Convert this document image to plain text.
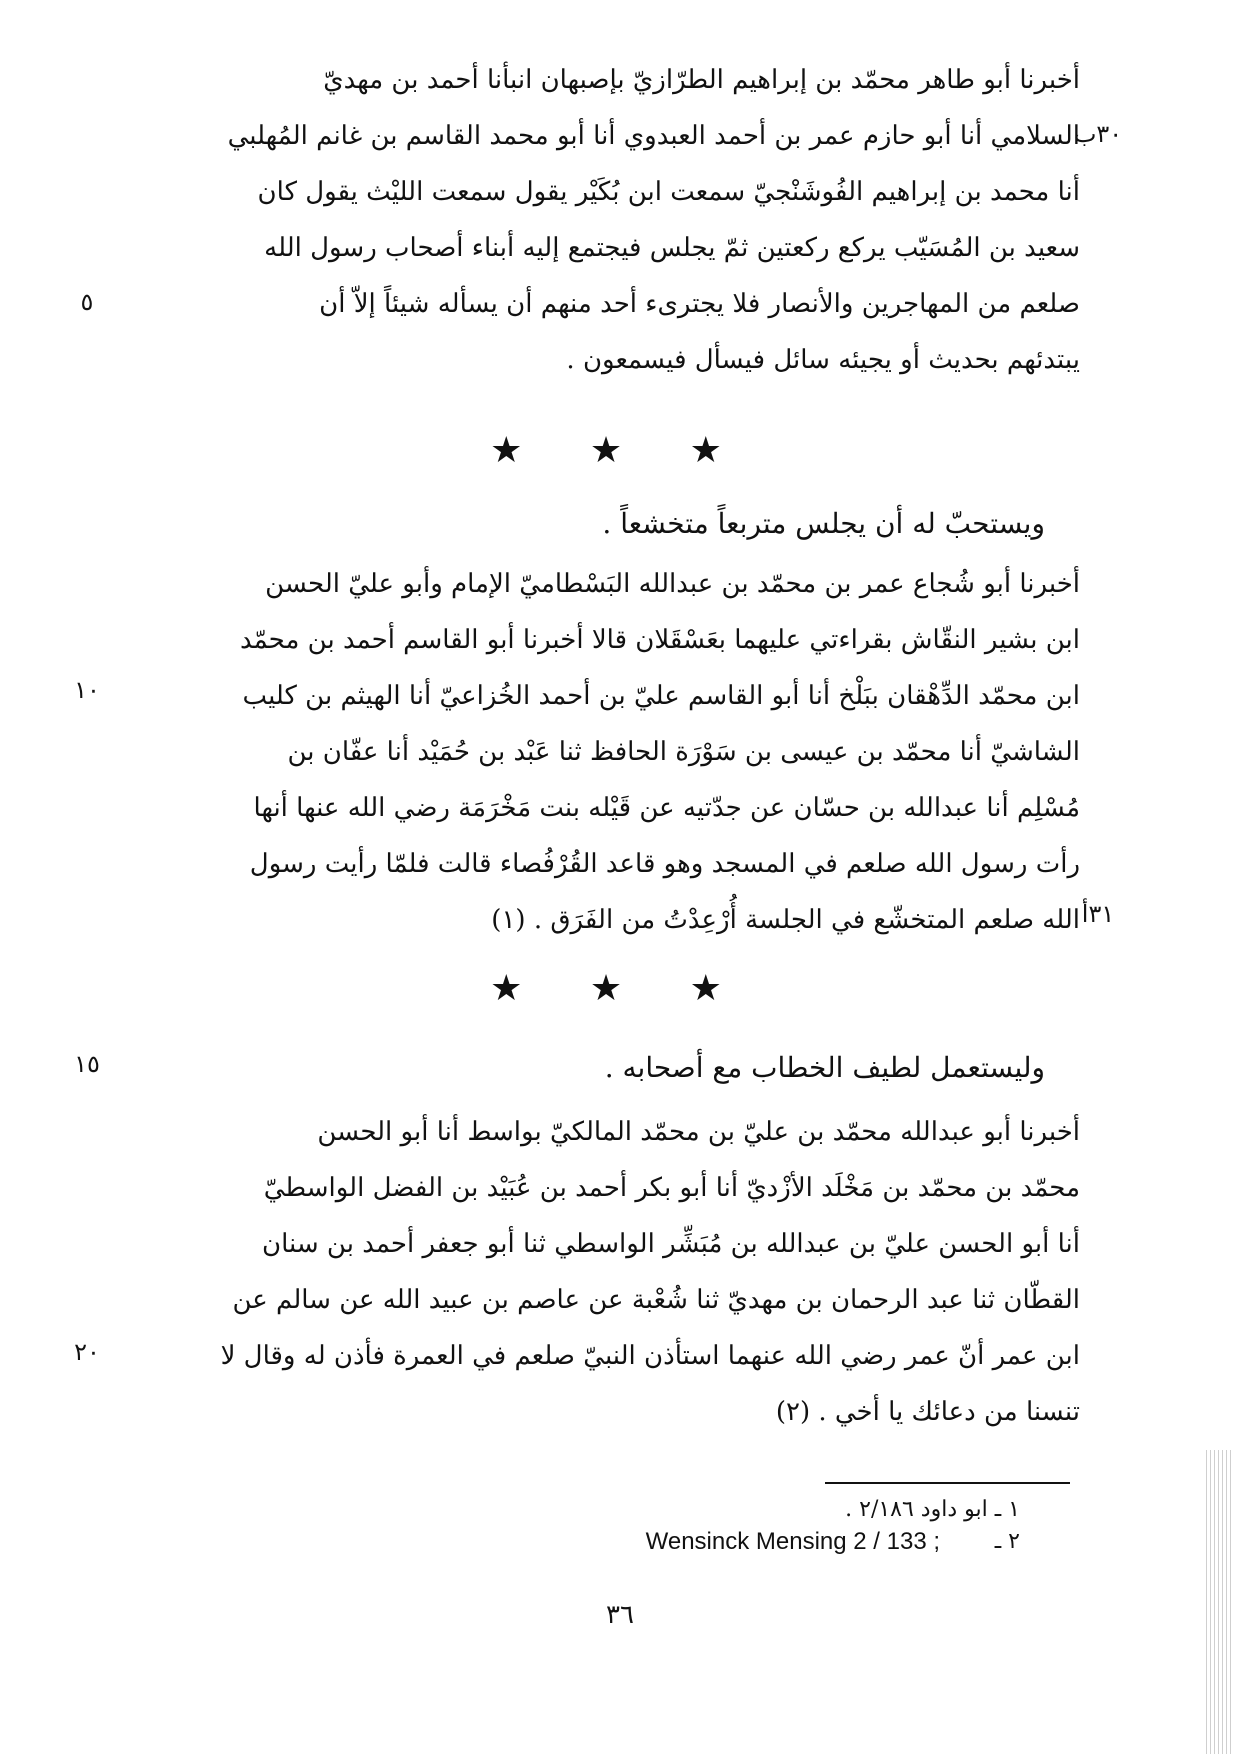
أخبرنا أبو طاهر محمّد بن إبراهيم الطرّازيّ بإصبهان انبأنا أحمد بن مهديّ

السلامي أنا أبو حازم عمر بن أحمد العبدوي أنا أبو محمد القاسم بن غانم المُهلبي

أنا محمد بن إبراهيم الفُوشَنْجيّ سمعت ابن بُكَيْر يقول سمعت الليْث يقول كان

سعيد بن المُسَيّب يركع ركعتين ثمّ يجلس فيجتمع إليه أبناء أصحاب رسول الله

صلعم من المهاجرين والأنصار فلا يجترىء أحد منهم أن يسأله شيئاً إلاّ أن

يبتدئهم بحديث أو يجيئه سائل فيسأل فيسمعون .

★ ★ ★
ويستحبّ له أن يجلس متربعاً متخشعاً .

أخبرنا أبو شُجاع عمر بن محمّد بن عبدالله البَسْطاميّ الإمام وأبو عليّ الحسن

ابن بشير النقّاش بقراءتي عليهما بعَسْقَلان قالا أخبرنا أبو القاسم أحمد بن محمّد

ابن محمّد الدِّهْقان ببَلْخ أنا أبو القاسم عليّ بن أحمد الخُزاعيّ أنا الهيثم بن كليب

الشاشيّ أنا محمّد بن عيسى بن سَوْرَة الحافظ ثنا عَبْد بن حُمَيْد أنا عفّان بن

مُسْلِم أنا عبدالله بن حسّان عن جدّتيه عن قَيْله بنت مَخْرَمَة رضي الله عنها أنها

رأت رسول الله صلعم في المسجد وهو قاعد القُرْفُصاء قالت فلمّا رأيت رسول

الله صلعم المتخشّع في الجلسة أُرْعِدْتُ من الفَرَق . (١)

★ ★ ★
وليستعمل لطيف الخطاب مع أصحابه .

أخبرنا أبو عبدالله محمّد بن عليّ بن محمّد المالكيّ بواسط أنا أبو الحسن

محمّد بن محمّد بن مَخْلَد الأزْديّ أنا أبو بكر أحمد بن عُبَيْد بن الفضل الواسطيّ

أنا أبو الحسن عليّ بن عبدالله بن مُبَشِّر الواسطي ثنا أبو جعفر أحمد بن سنان

القطّان ثنا عبد الرحمان بن مهديّ ثنا شُعْبة عن عاصم بن عبيد الله عن سالم عن

ابن عمر أنّ عمر رضي الله عنهما استأذن النبيّ صلعم في العمرة فأذن له وقال لا

تنسنا من دعائك يا أخي . (٢)

٣٠ب
٥
١٠
٣١أ
١٥
٢٠
١ ـ ابو داود ٢/١٨٦ .
Wensinck Mensing 2 / 133 ; ٢ ـ
٣٦
